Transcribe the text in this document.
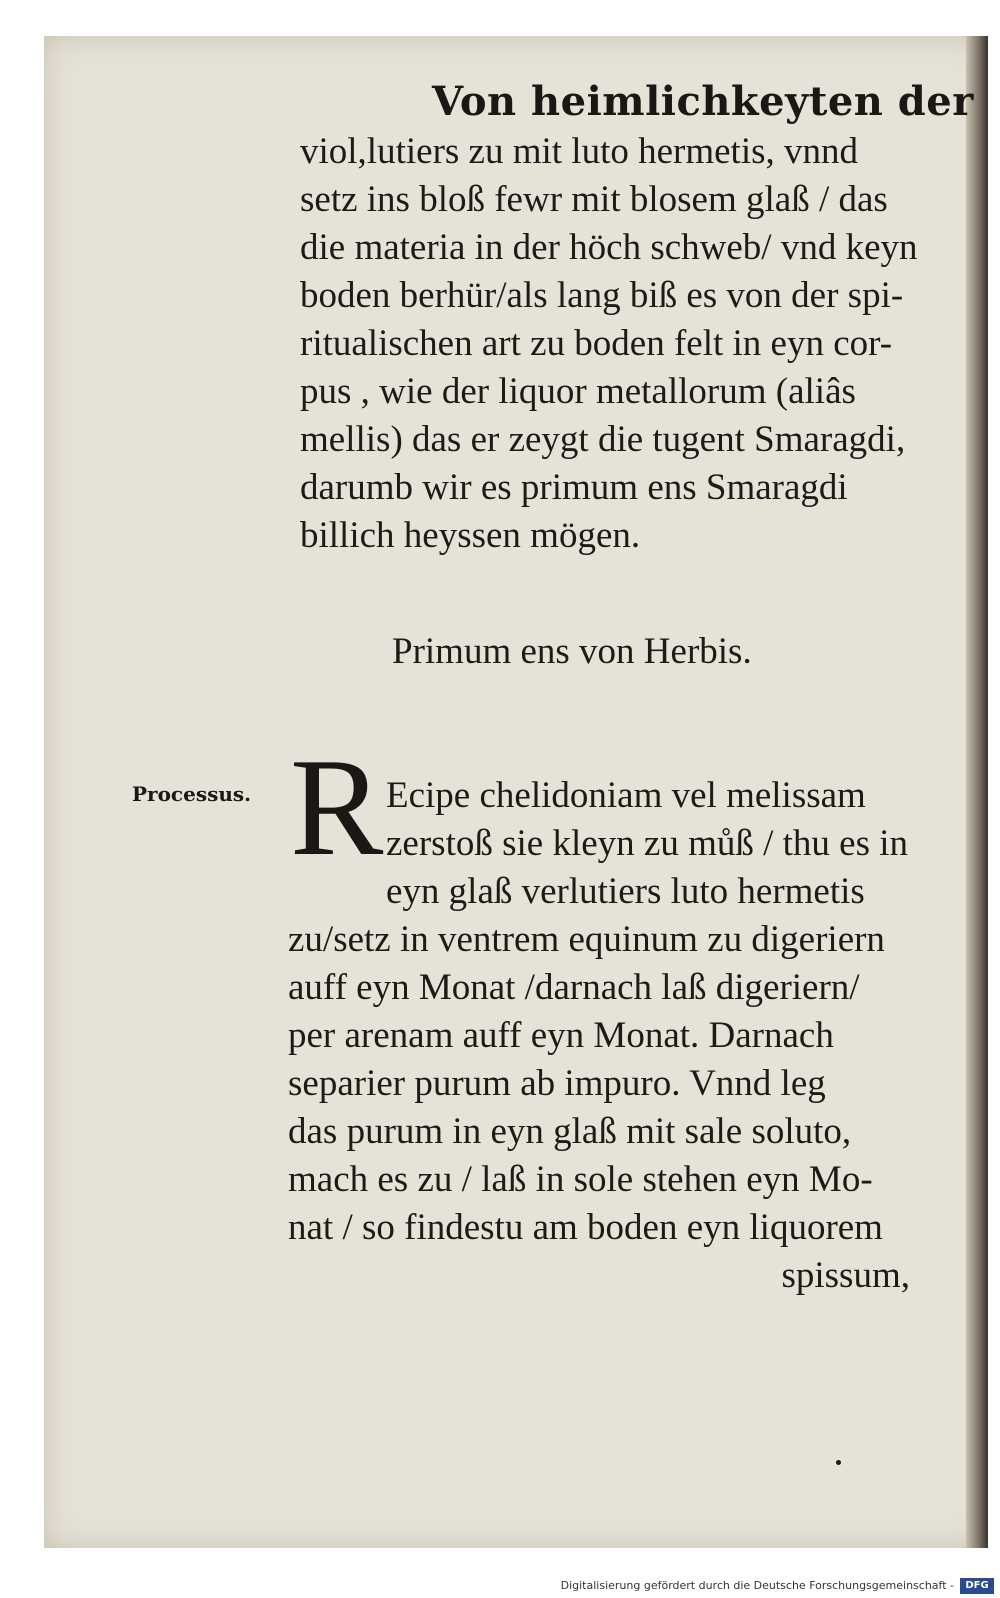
Von heimlichkeyten der
viol,lutiers zu mit luto hermetis, vnnd
setz ins bloß fewr mit blosem glaß / das
die materia in der höch schweb/ vnd keyn
boden berhür/als lang biß es von der spi-
ritualischen art zu boden felt in eyn cor-
pus , wie der liquor metallorum (aliâs
mellis) das er zeygt die tugent Smaragdi,
darumb wir es primum ens Smaragdi
billich heyssen mögen.
Primum ens von Herbis.
Processus. R Ecipe chelidoniam vel melissam
zerstoß sie kleyn zu můß / thu es in
eyn glaß verlutiers luto hermetis
zu/setz in ventrem equinum zu digeriern
auff eyn Monat /darnach laß digeriern/
per arenam auff eyn Monat. Darnach
separier purum ab impuro. Vnnd leg
das purum in eyn glaß mit sale soluto,
mach es zu / laß in sole stehen eyn Mo-
nat / so findestu am boden eyn liquorem
spissum,
Digitalisierung gefördert durch die Deutsche Forschungsgemeinschaft -	DFG
